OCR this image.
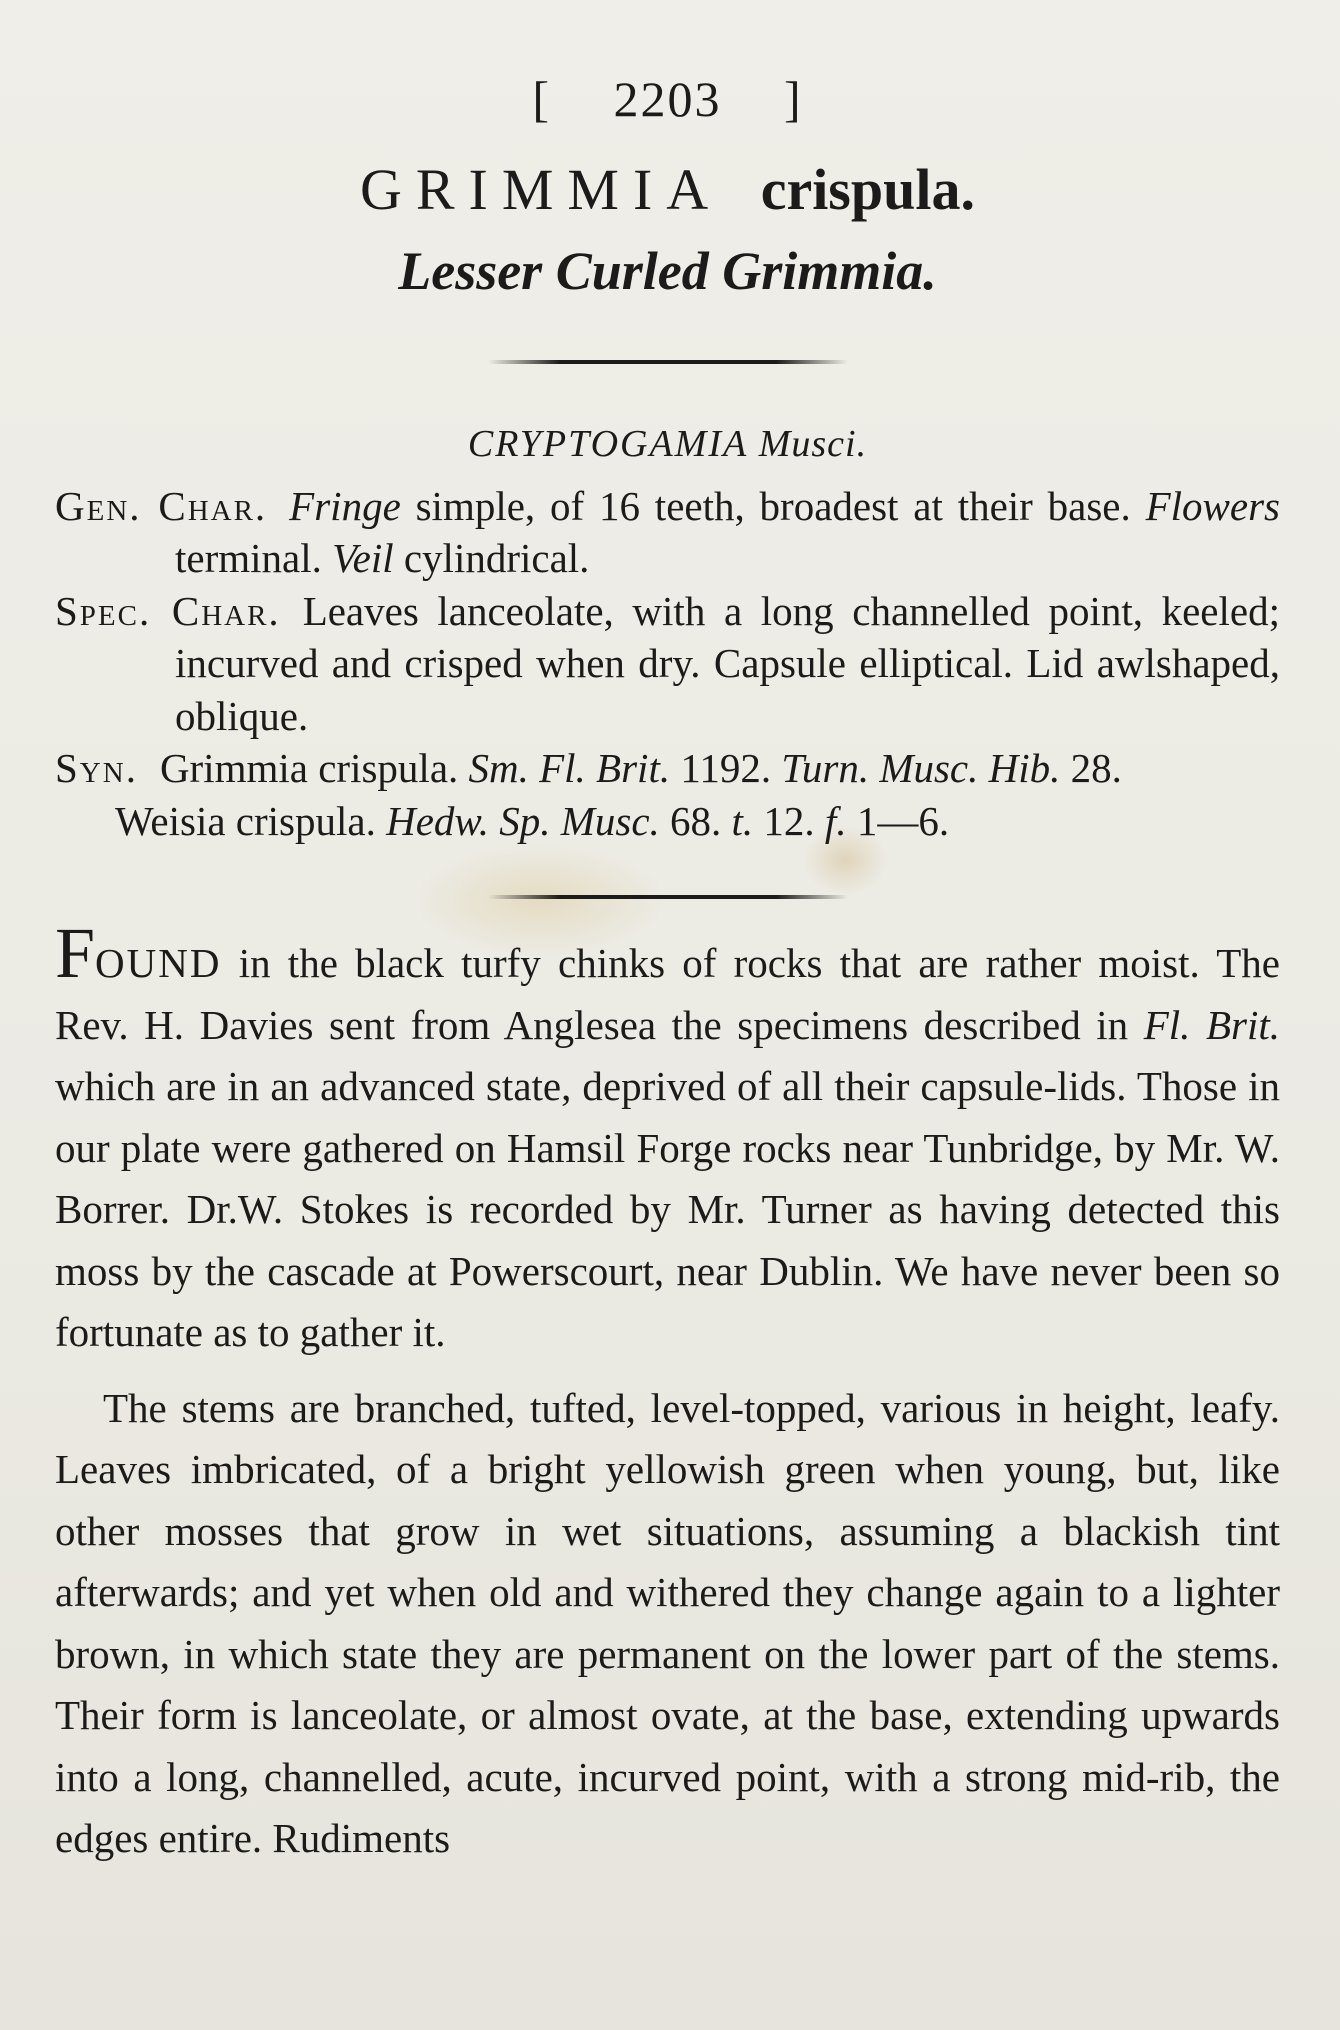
[ 2203 ]
GRIMMIA crispula.
Lesser Curled Grimmia.
CRYPTOGAMIA Musci.

Gen. Char. Fringe simple, of 16 teeth, broadest at their base. Flowers terminal. Veil cylindrical.

Spec. Char. Leaves lanceolate, with a long channelled point, keeled; incurved and crisped when dry. Capsule elliptical. Lid awlshaped, oblique.

Syn. Grimmia crispula. Sm. Fl. Brit. 1192. Turn. Musc. Hib. 28.

Weisia crispula. Hedw. Sp. Musc. 68. t. 12. f. 1—6.

FOUND in the black turfy chinks of rocks that are rather moist. The Rev. H. Davies sent from Anglesea the specimens described in Fl. Brit. which are in an advanced state, deprived of all their capsule-lids. Those in our plate were gathered on Hamsil Forge rocks near Tunbridge, by Mr. W. Borrer. Dr.W. Stokes is recorded by Mr. Turner as having detected this moss by the cascade at Powerscourt, near Dublin. We have never been so fortunate as to gather it.

The stems are branched, tufted, level-topped, various in height, leafy. Leaves imbricated, of a bright yellowish green when young, but, like other mosses that grow in wet situations, assuming a blackish tint afterwards; and yet when old and withered they change again to a lighter brown, in which state they are permanent on the lower part of the stems. Their form is lanceolate, or almost ovate, at the base, extending upwards into a long, channelled, acute, incurved point, with a strong mid-rib, the edges entire. Rudiments
